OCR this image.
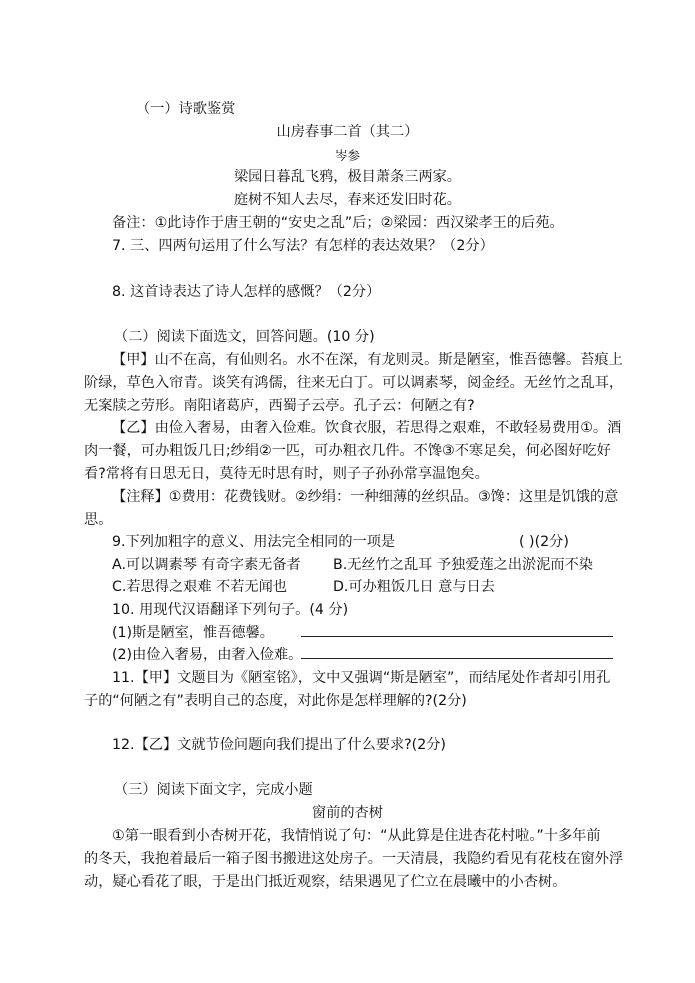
（一）诗歌鉴赏
山房春事二首（其二）
岑参
梁园日暮乱飞鸦，极目萧条三两家。
庭树不知人去尽，春来还发旧时花。
备注：①此诗作于唐王朝的“安史之乱”后；②梁园：西汉梁孝王的后苑。
7. 三、四两句运用了什么写法？有怎样的表达效果？（2分）
8. 这首诗表达了诗人怎样的感慨？（2分）
（二）阅读下面选文，回答问题。(10 分)
【甲】山不在高，有仙则名。水不在深，有龙则灵。斯是陋室，惟吾德馨。苔痕上
阶绿，草色入帘青。谈笑有鸿儒，往来无白丁。可以调素琴，阅金经。无丝竹之乱耳，
无案牍之劳形。南阳诸葛庐，西蜀子云亭。孔子云：何陋之有?
【乙】由俭入奢易，由奢入俭难。饮食衣服，若思得之艰难，不敢轻易费用①。酒
肉一餐，可办粗饭几日;纱绢②一匹，可办粗衣几件。不馋③不寒足矣，何必图好吃好
看?常将有日思无日，莫待无时思有时，则子子孙孙常享温饱矣。
【注释】①费用：花费钱财。②纱绢：一种细薄的丝织品。③馋：这里是饥饿的意
思。
9.下列加粗字的意义、用法完全相同的一项是	( )(2分)
A.可以调素琴 有奇字素无备者 B.无丝竹之乱耳 予独爱莲之出淤泥而不染
C.若思得之艰难 不若无闻也	D.可办粗饭几日 意与日去
10. 用现代汉语翻译下列句子。(4 分)
(1)斯是陋室，惟吾德馨。
(2)由俭入奢易，由奢入俭难。
11.【甲】文题目为《陋室铭》，文中又强调“斯是陋室”，而结尾处作者却引用孔
子的“何陋之有”表明自己的态度，对此你是怎样理解的?(2分)
12.【乙】文就节俭问题向我们提出了什么要求?(2分)
（三）阅读下面文字，完成小题
窗前的杏树
①第一眼看到小杏树开花，我情悄说了句：“从此算是住进杏花村啦。”十多年前
的冬天，我抱着最后一箱子图书搬进这处房子。一天清晨，我隐约看见有花枝在窗外浮
动，疑心看花了眼，于是出门抵近观察，结果遇见了伫立在晨曦中的小杏树。
